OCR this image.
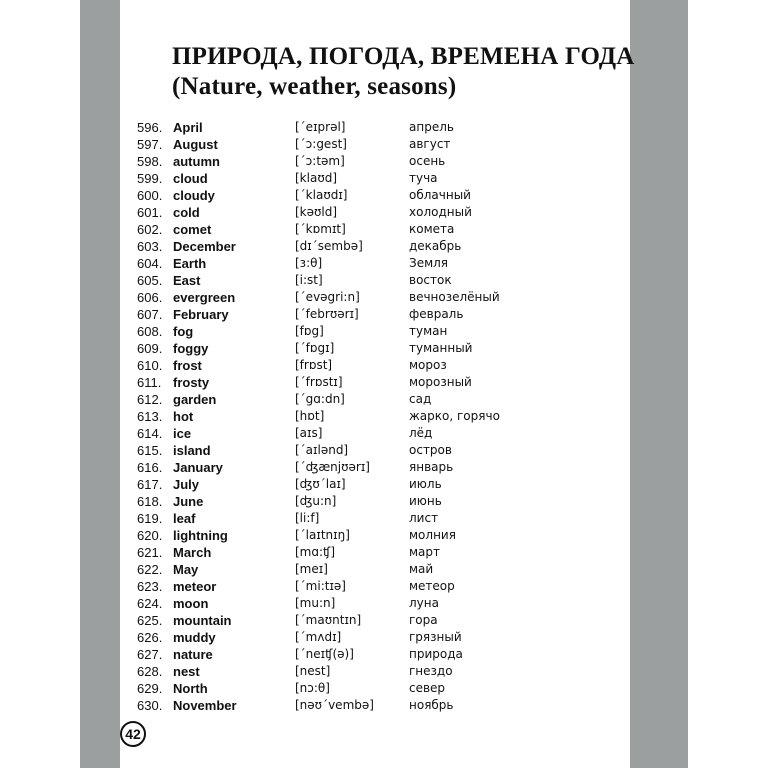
ПРИРОДА, ПОГОДА, ВРЕМЕНА ГОДА
(Nature, weather, seasons)
596. April	[ˊeɪprəl]	апрель
597. August	[ˊɔ:gest]	август
598. autumn	[ˊɔ:təm]	осень
599. cloud	[klaʊd]	туча
600. cloudy	[ˊklaʊdɪ]	облачный
601. cold	[kəʊld]	холодный
602. comet	[ˊkɒmɪt]	комета
603. December	[dɪˊsembə]	декабрь
604. Earth	[ɜ:θ]	Земля
605. East	[i:st]	восток
606. evergreen	[ˊevəgri:n]	вечнозелёный
607. February	[ˊfebrʊərɪ]	февраль
608. fog	[fɒg]	туман
609. foggy	[ˊfɒgɪ]	туманный
610. frost	[frɒst]	мороз
611. frosty	[ˊfrɒstɪ]	морозный
612. garden	[ˊgɑ:dn]	сад
613. hot	[hɒt]	жарко, горячо
614. ice	[aɪs]	лёд
615. island	[ˊaɪlənd]	остров
616. January	[ˊʤænjʊərɪ]	январь
617. July	[ʤʊˊlaɪ]	июль
618. June	[ʤu:n]	июнь
619. leaf	[li:f]	лист
620. lightning	[ˊlaɪtnɪŋ]	молния
621. March	[mɑ:ʧ]	март
622. May	[meɪ]	май
623. meteor	[ˊmi:tɪə]	метеор
624. moon	[mu:n]	луна
625. mountain	[ˊmaʊntɪn]	гора
626. muddy	[ˊmʌdɪ]	грязный
627. nature	[ˊneɪʧ(ə)]	природа
628. nest	[nest]	гнездо
629. North	[nɔ:θ]	север
630. November	[nəʊˊvembə]	ноябрь
42
